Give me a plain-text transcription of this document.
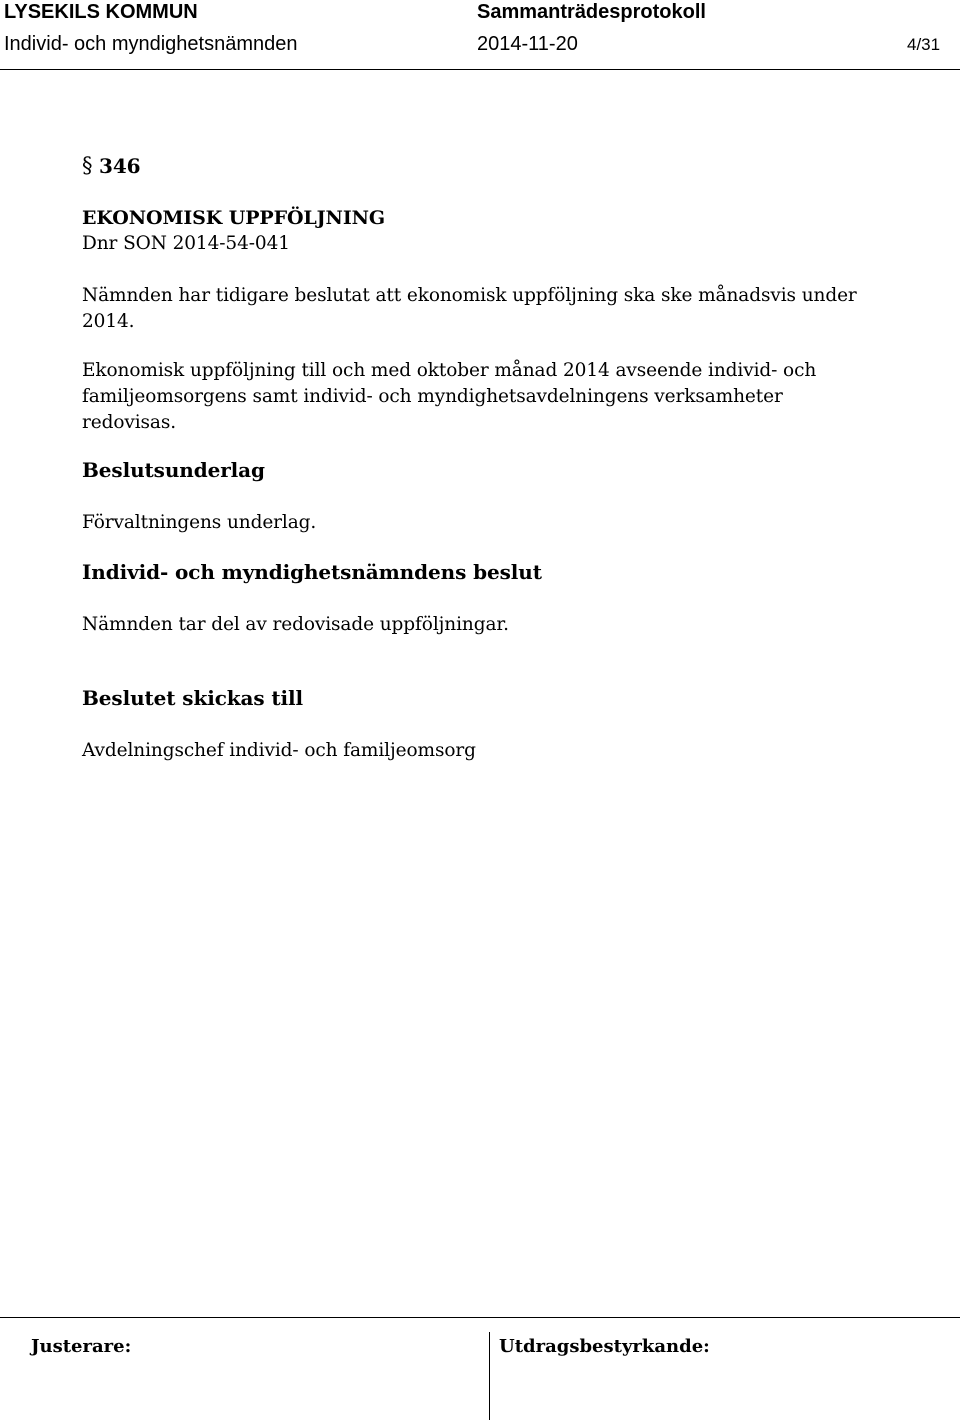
LYSEKILS KOMMUN	Sammanträdesprotokoll
Individ- och myndighetsnämnden	2014-11-20	4/31
§ 346
EKONOMISK UPPFÖLJNING
Dnr SON 2014-54-041
Nämnden har tidigare beslutat att ekonomisk uppföljning ska ske månadsvis under
2014.
Ekonomisk uppföljning till och med oktober månad 2014 avseende individ- och
familjeomsorgens samt individ- och myndighetsavdelningens verksamheter
redovisas.
Beslutsunderlag
Förvaltningens underlag.
Individ- och myndighetsnämndens beslut
Nämnden tar del av redovisade uppföljningar.
Beslutet skickas till
Avdelningschef individ- och familjeomsorg
Justerare:	Utdragsbestyrkande:
